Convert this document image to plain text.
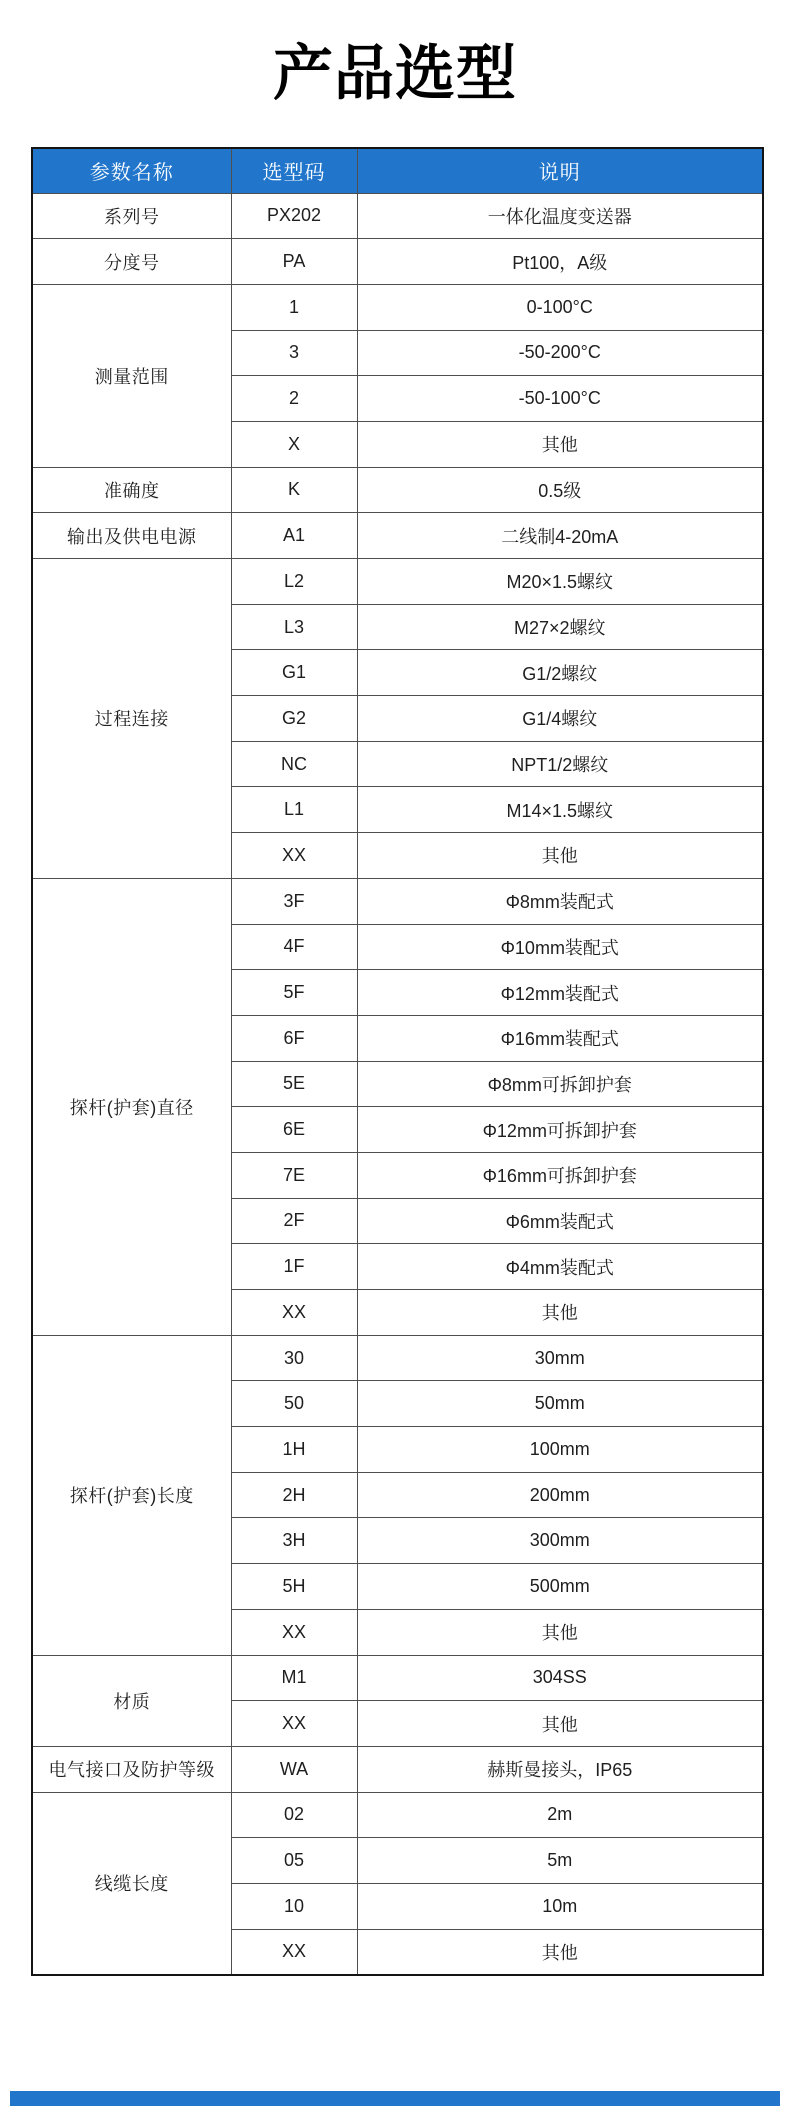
产品选型
参数名称	选型码	说明
系列号	PX202	一体化温度变送器
分度号	PA	Pt100，A级
测量范围	1	0-100°C
	3	-50-200°C
	2	-50-100°C
	X	其他
准确度	K	0.5级
输出及供电电源	A1	二线制4-20mA
过程连接	L2	M20×1.5螺纹
	L3	M27×2螺纹
	G1	G1/2螺纹
	G2	G1/4螺纹
	NC	NPT1/2螺纹
	L1	M14×1.5螺纹
	XX	其他
探杆(护套)直径	3F	Φ8mm装配式
	4F	Φ10mm装配式
	5F	Φ12mm装配式
	6F	Φ16mm装配式
	5E	Φ8mm可拆卸护套
	6E	Φ12mm可拆卸护套
	7E	Φ16mm可拆卸护套
	2F	Φ6mm装配式
	1F	Φ4mm装配式
	XX	其他
探杆(护套)长度	30	30mm
	50	50mm
	1H	100mm
	2H	200mm
	3H	300mm
	5H	500mm
	XX	其他
材质	M1	304SS
	XX	其他
电气接口及防护等级	WA	赫斯曼接头，IP65
线缆长度	02	2m
	05	5m
	10	10m
	XX	其他
